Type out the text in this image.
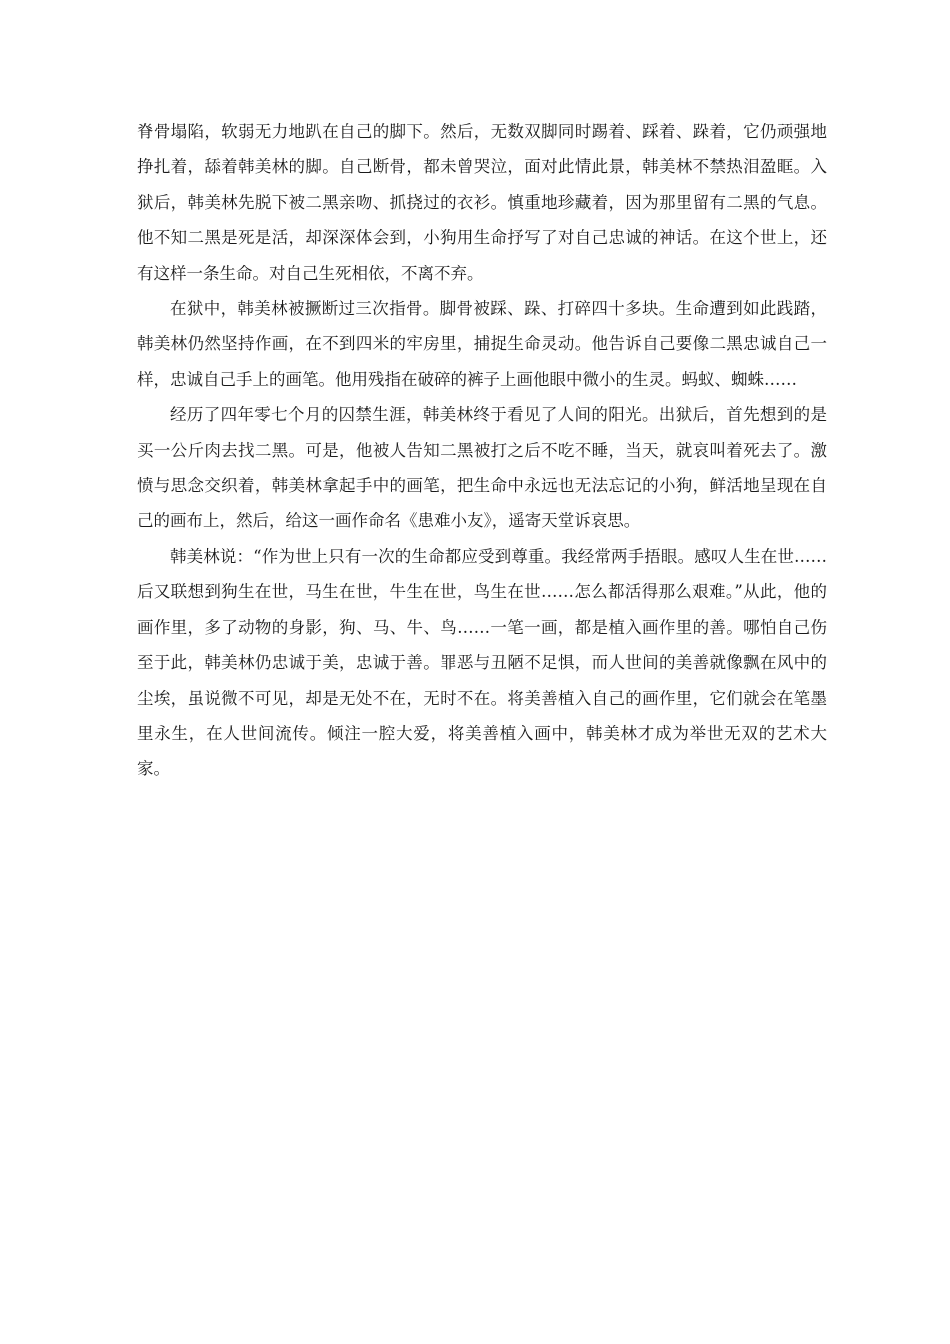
脊骨塌陷，软弱无力地趴在自己的脚下。然后，无数双脚同时踢着、踩着、跺着，它仍顽强地挣扎着，舔着韩美林的脚。自己断骨，都未曾哭泣，面对此情此景，韩美林不禁热泪盈眶。入狱后，韩美林先脱下被二黑亲吻、抓挠过的衣衫。慎重地珍藏着，因为那里留有二黑的气息。他不知二黑是死是活，却深深体会到，小狗用生命抒写了对自己忠诚的神话。在这个世上，还有这样一条生命。对自己生死相依，不离不弃。

在狱中，韩美林被撅断过三次指骨。脚骨被踩、跺、打碎四十多块。生命遭到如此践踏，韩美林仍然坚持作画，在不到四米的牢房里，捕捉生命灵动。他告诉自己要像二黑忠诚自己一样，忠诚自己手上的画笔。他用残指在破碎的裤子上画他眼中微小的生灵。蚂蚁、蜘蛛……

经历了四年零七个月的囚禁生涯，韩美林终于看见了人间的阳光。出狱后，首先想到的是买一公斤肉去找二黑。可是，他被人告知二黑被打之后不吃不睡，当天，就哀叫着死去了。激愤与思念交织着，韩美林拿起手中的画笔，把生命中永远也无法忘记的小狗，鲜活地呈现在自己的画布上，然后，给这一画作命名《患难小友》，遥寄天堂诉哀思。

韩美林说：“作为世上只有一次的生命都应受到尊重。我经常两手捂眼。感叹人生在世……后又联想到狗生在世，马生在世，牛生在世，鸟生在世……怎么都活得那么艰难。”从此，他的画作里，多了动物的身影，狗、马、牛、鸟……一笔一画，都是植入画作里的善。哪怕自己伤至于此，韩美林仍忠诚于美，忠诚于善。罪恶与丑陋不足惧，而人世间的美善就像飘在风中的尘埃，虽说微不可见，却是无处不在，无时不在。将美善植入自己的画作里，它们就会在笔墨里永生，在人世间流传。倾注一腔大爱，将美善植入画中，韩美林才成为举世无双的艺术大家。
